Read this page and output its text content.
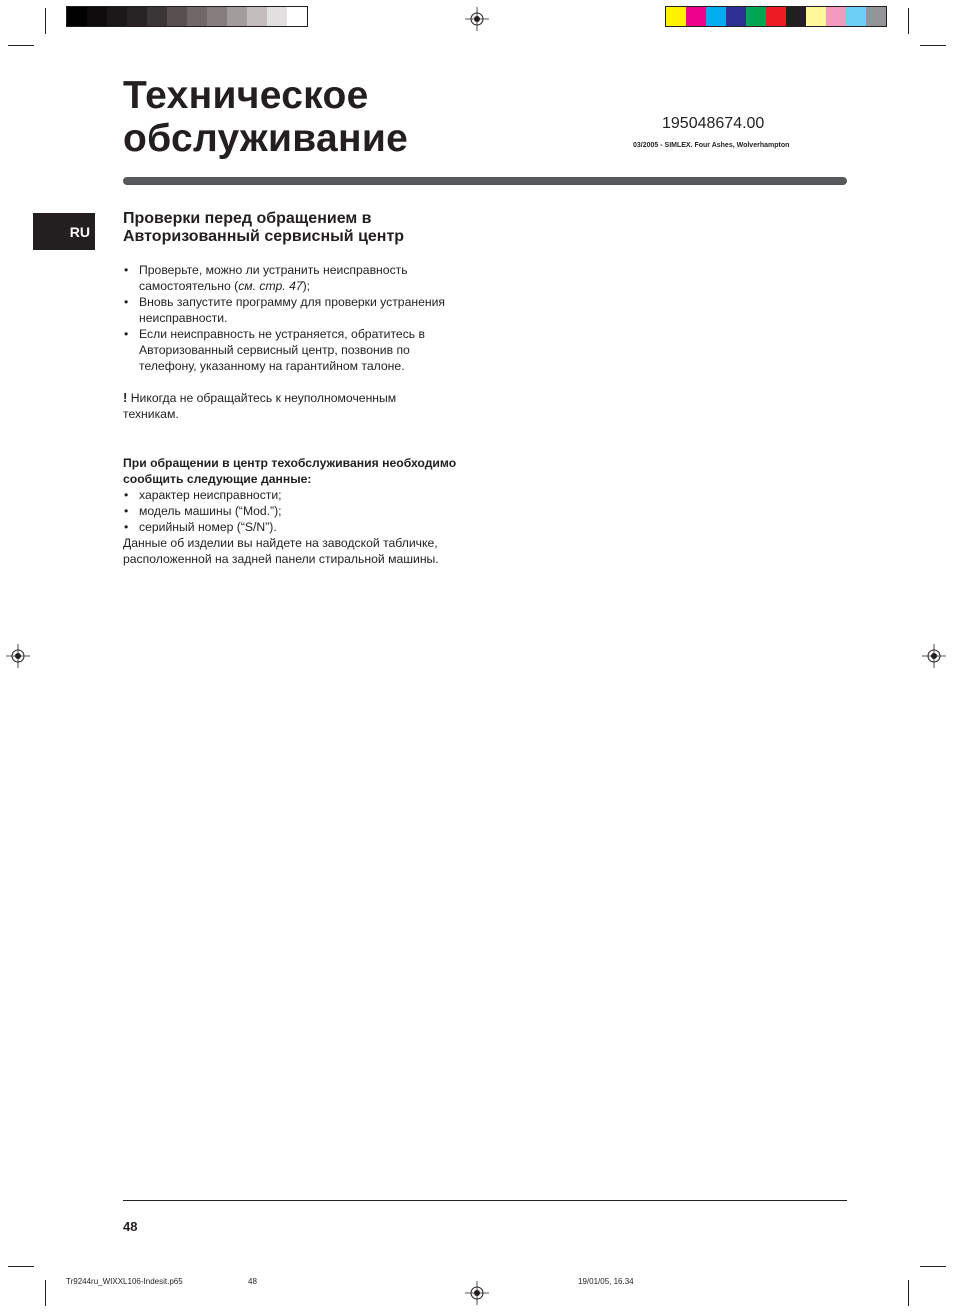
Техническое
обслуживание	195048674.00
03/2005 - SIMLEX. Four Ashes, Wolverhampton
RU
Проверки перед обращением в
Авторизованный сервисный центр
• Проверьте, можно ли устранить неисправность самостоятельно (см. стр. 47);
• Вновь запустите программу для проверки устранения неисправности.
• Если неисправность не устраняется, обратитесь в Авторизованный сервисный центр, позвонив по телефону, указанному на гарантийном талоне.
! Никогда не обращайтесь к неуполномоченным техникам.
При обращении в центр техобслуживания необходимо сообщить следующие данные:
• характер неисправности;
• модель машины (“Mod.”);
• серийный номер (“S/N”).
Данные об изделии вы найдете на заводской табличке, расположенной на задней панели стиральной машины.
48
Tr9244ru_WIXXL106-Indesit.p65	48	19/01/05, 16.34
